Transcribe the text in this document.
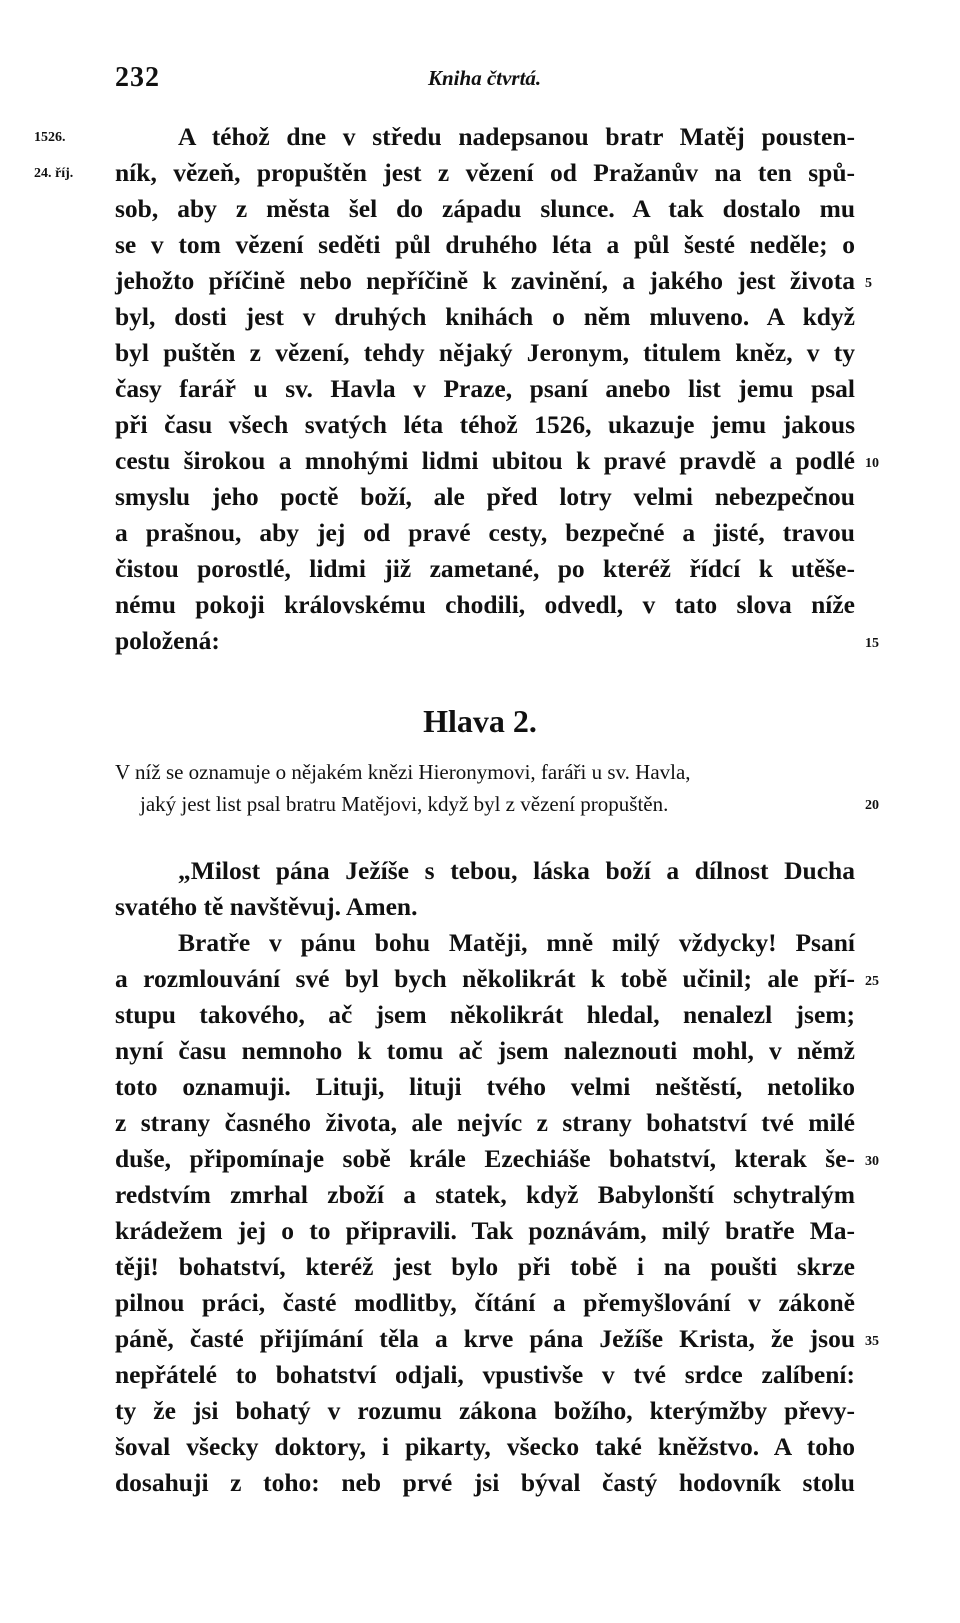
232	Kniha čtvrtá.
1526.
24. říj.
A téhož dne v středu nadepsanou bratr Matěj pousten-
ník, vězeň, propuštěn jest z vězení od Pražanův na ten spů-
sob, aby z města šel do západu slunce. A tak dostalo mu
se v tom vězení seděti půl druhého léta a půl šesté neděle; o
jehožto příčině nebo nepříčině k zavinění, a jakého jest života
byl, dosti jest v druhých knihách o něm mluveno. A když
byl puštěn z vězení, tehdy nějaký Jeronym, titulem kněz, v ty
časy farář u sv. Havla v Praze, psaní anebo list jemu psal
při času všech svatých léta téhož 1526, ukazuje jemu jakous
cestu širokou a mnohými lidmi ubitou k pravé pravdě a podlé
smyslu jeho poctě boží, ale před lotry velmi nebezpečnou
a prašnou, aby jej od pravé cesty, bezpečné a jisté, travou
čistou porostlé, lidmi již zametané, po kteréž řídcí k utěše-
nému pokoji královskému chodili, odvedl, v tato slova níže
položená:
5
10
15
Hlava 2.
V níž se oznamuje o nějakém knězi Hieronymovi, faráři u sv. Havla,
jaký jest list psal bratru Matějovi, když byl z vězení propuštěn.	20
„Milost pána Ježíše s tebou, láska boží a dílnost Ducha
svatého tě navštěvuj. Amen.
Bratře v pánu bohu Matěji, mně milý vždycky! Psaní
a rozmlouvání své byl bych několikrát k tobě učinil; ale pří-
stupu takového, ač jsem několikrát hledal, nenalezl jsem;
nyní času nemnoho k tomu ač jsem naleznouti mohl, v němž
toto oznamuji. Lituji, lituji tvého velmi neštěstí, netoliko
z strany časného života, ale nejvíc z strany bohatství tvé milé
duše, připomínaje sobě krále Ezechiáše bohatství, kterak še-
redstvím zmrhal zboží a statek, když Babylonští schytralým
krádežem jej o to připravili. Tak poznávám, milý bratře Ma-
těji! bohatství, kteréž jest bylo při tobě i na poušti skrze
pilnou práci, časté modlitby, čítání a přemyšlování v zákoně
páně, časté přijímání těla a krve pána Ježíše Krista, že jsou
nepřátelé to bohatství odjali, vpustivše v tvé srdce zalíbení:
ty že jsi bohatý v rozumu zákona božího, kterýmžby převy-
šoval všecky doktory, i pikarty, všecko také kněžstvo. A toho
dosahuji z toho: neb prvé jsi býval častý hodovník stolu
25
30
35
